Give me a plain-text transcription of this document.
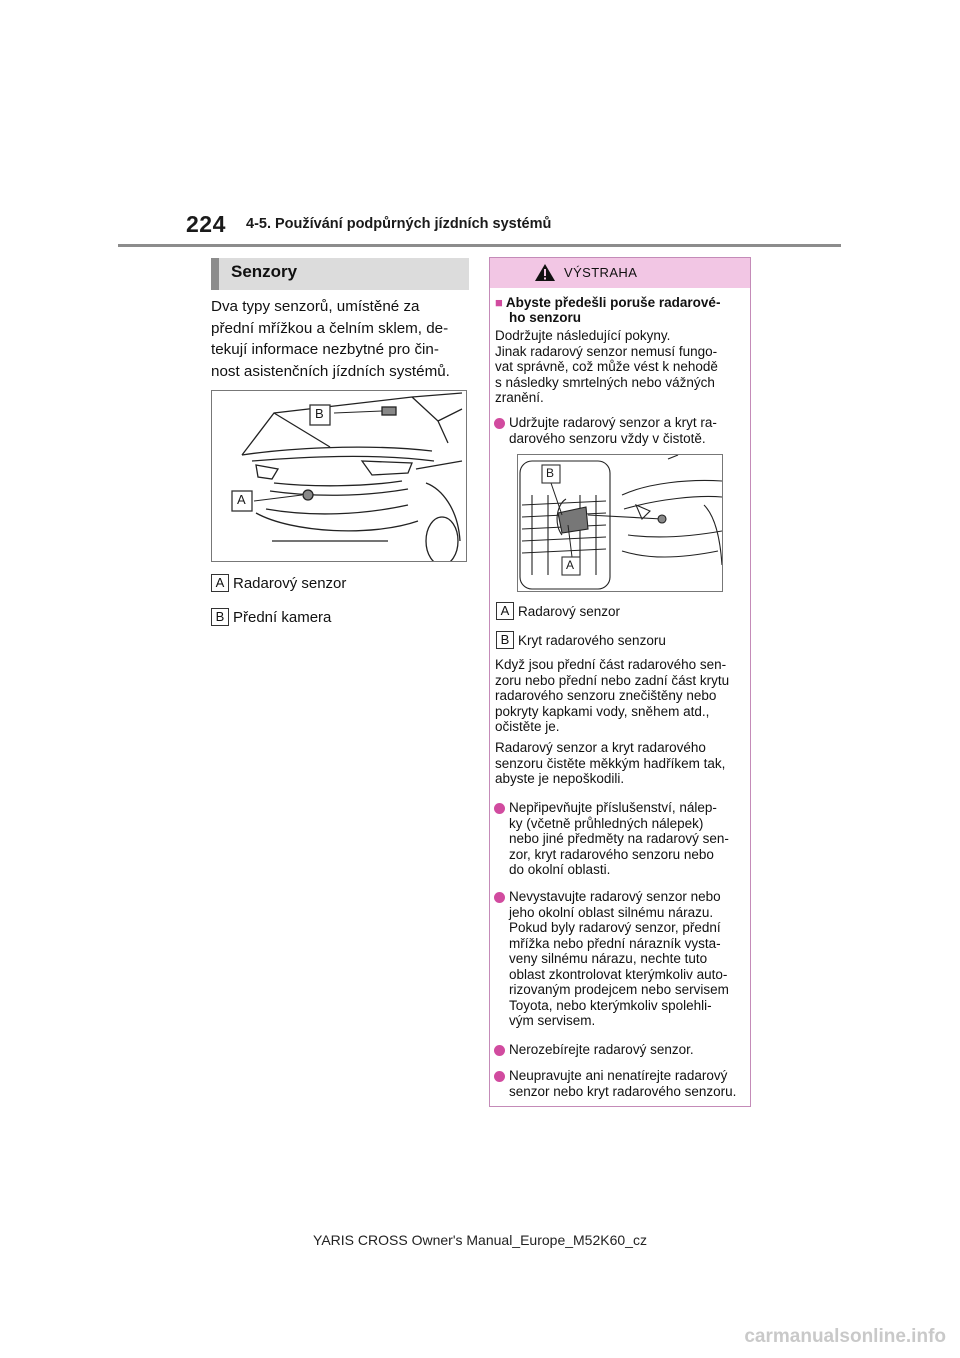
224 4-5. Používání podpůrných jízdních systémů
Senzory
Dva typy senzorů, umístěné za
přední mřížkou a čelním sklem, de-
tekují informace nezbytné pro čin-
nost asistenčních jízdních systémů.
B
A
A Radarový senzor
B Přední kamera
VÝSTRAHA
■ Abyste předešli poruše radarové-
ho senzoru
Dodržujte následující pokyny.
Jinak radarový senzor nemusí fungo-
vat správně, což může vést k nehodě
s následky smrtelných nebo vážných
zranění.
Udržujte radarový senzor a kryt ra-
darového senzoru vždy v čistotě.
B
A
A Radarový senzor
B Kryt radarového senzoru
Když jsou přední část radarového sen-
zoru nebo přední nebo zadní část krytu
radarového senzoru znečištěny nebo
pokryty kapkami vody, sněhem atd.,
očistěte je.
Radarový senzor a kryt radarového
senzoru čistěte měkkým hadříkem tak,
abyste je nepoškodili.
Nepřipevňujte příslušenství, nálep-
ky (včetně průhledných nálepek)
nebo jiné předměty na radarový sen-
zor, kryt radarového senzoru nebo
do okolní oblasti.
Nevystavujte radarový senzor nebo
jeho okolní oblast silnému nárazu.
Pokud byly radarový senzor, přední
mřížka nebo přední nárazník vysta-
veny silnému nárazu, nechte tuto
oblast zkontrolovat kterýmkoliv auto-
rizovaným prodejcem nebo servisem
Toyota, nebo kterýmkoliv spolehli-
vým servisem.
Nerozebírejte radarový senzor.
Neupravujte ani nenatírejte radarový
senzor nebo kryt radarového senzoru.
YARIS CROSS Owner's Manual_Europe_M52K60_cz
carmanualsonline.info
